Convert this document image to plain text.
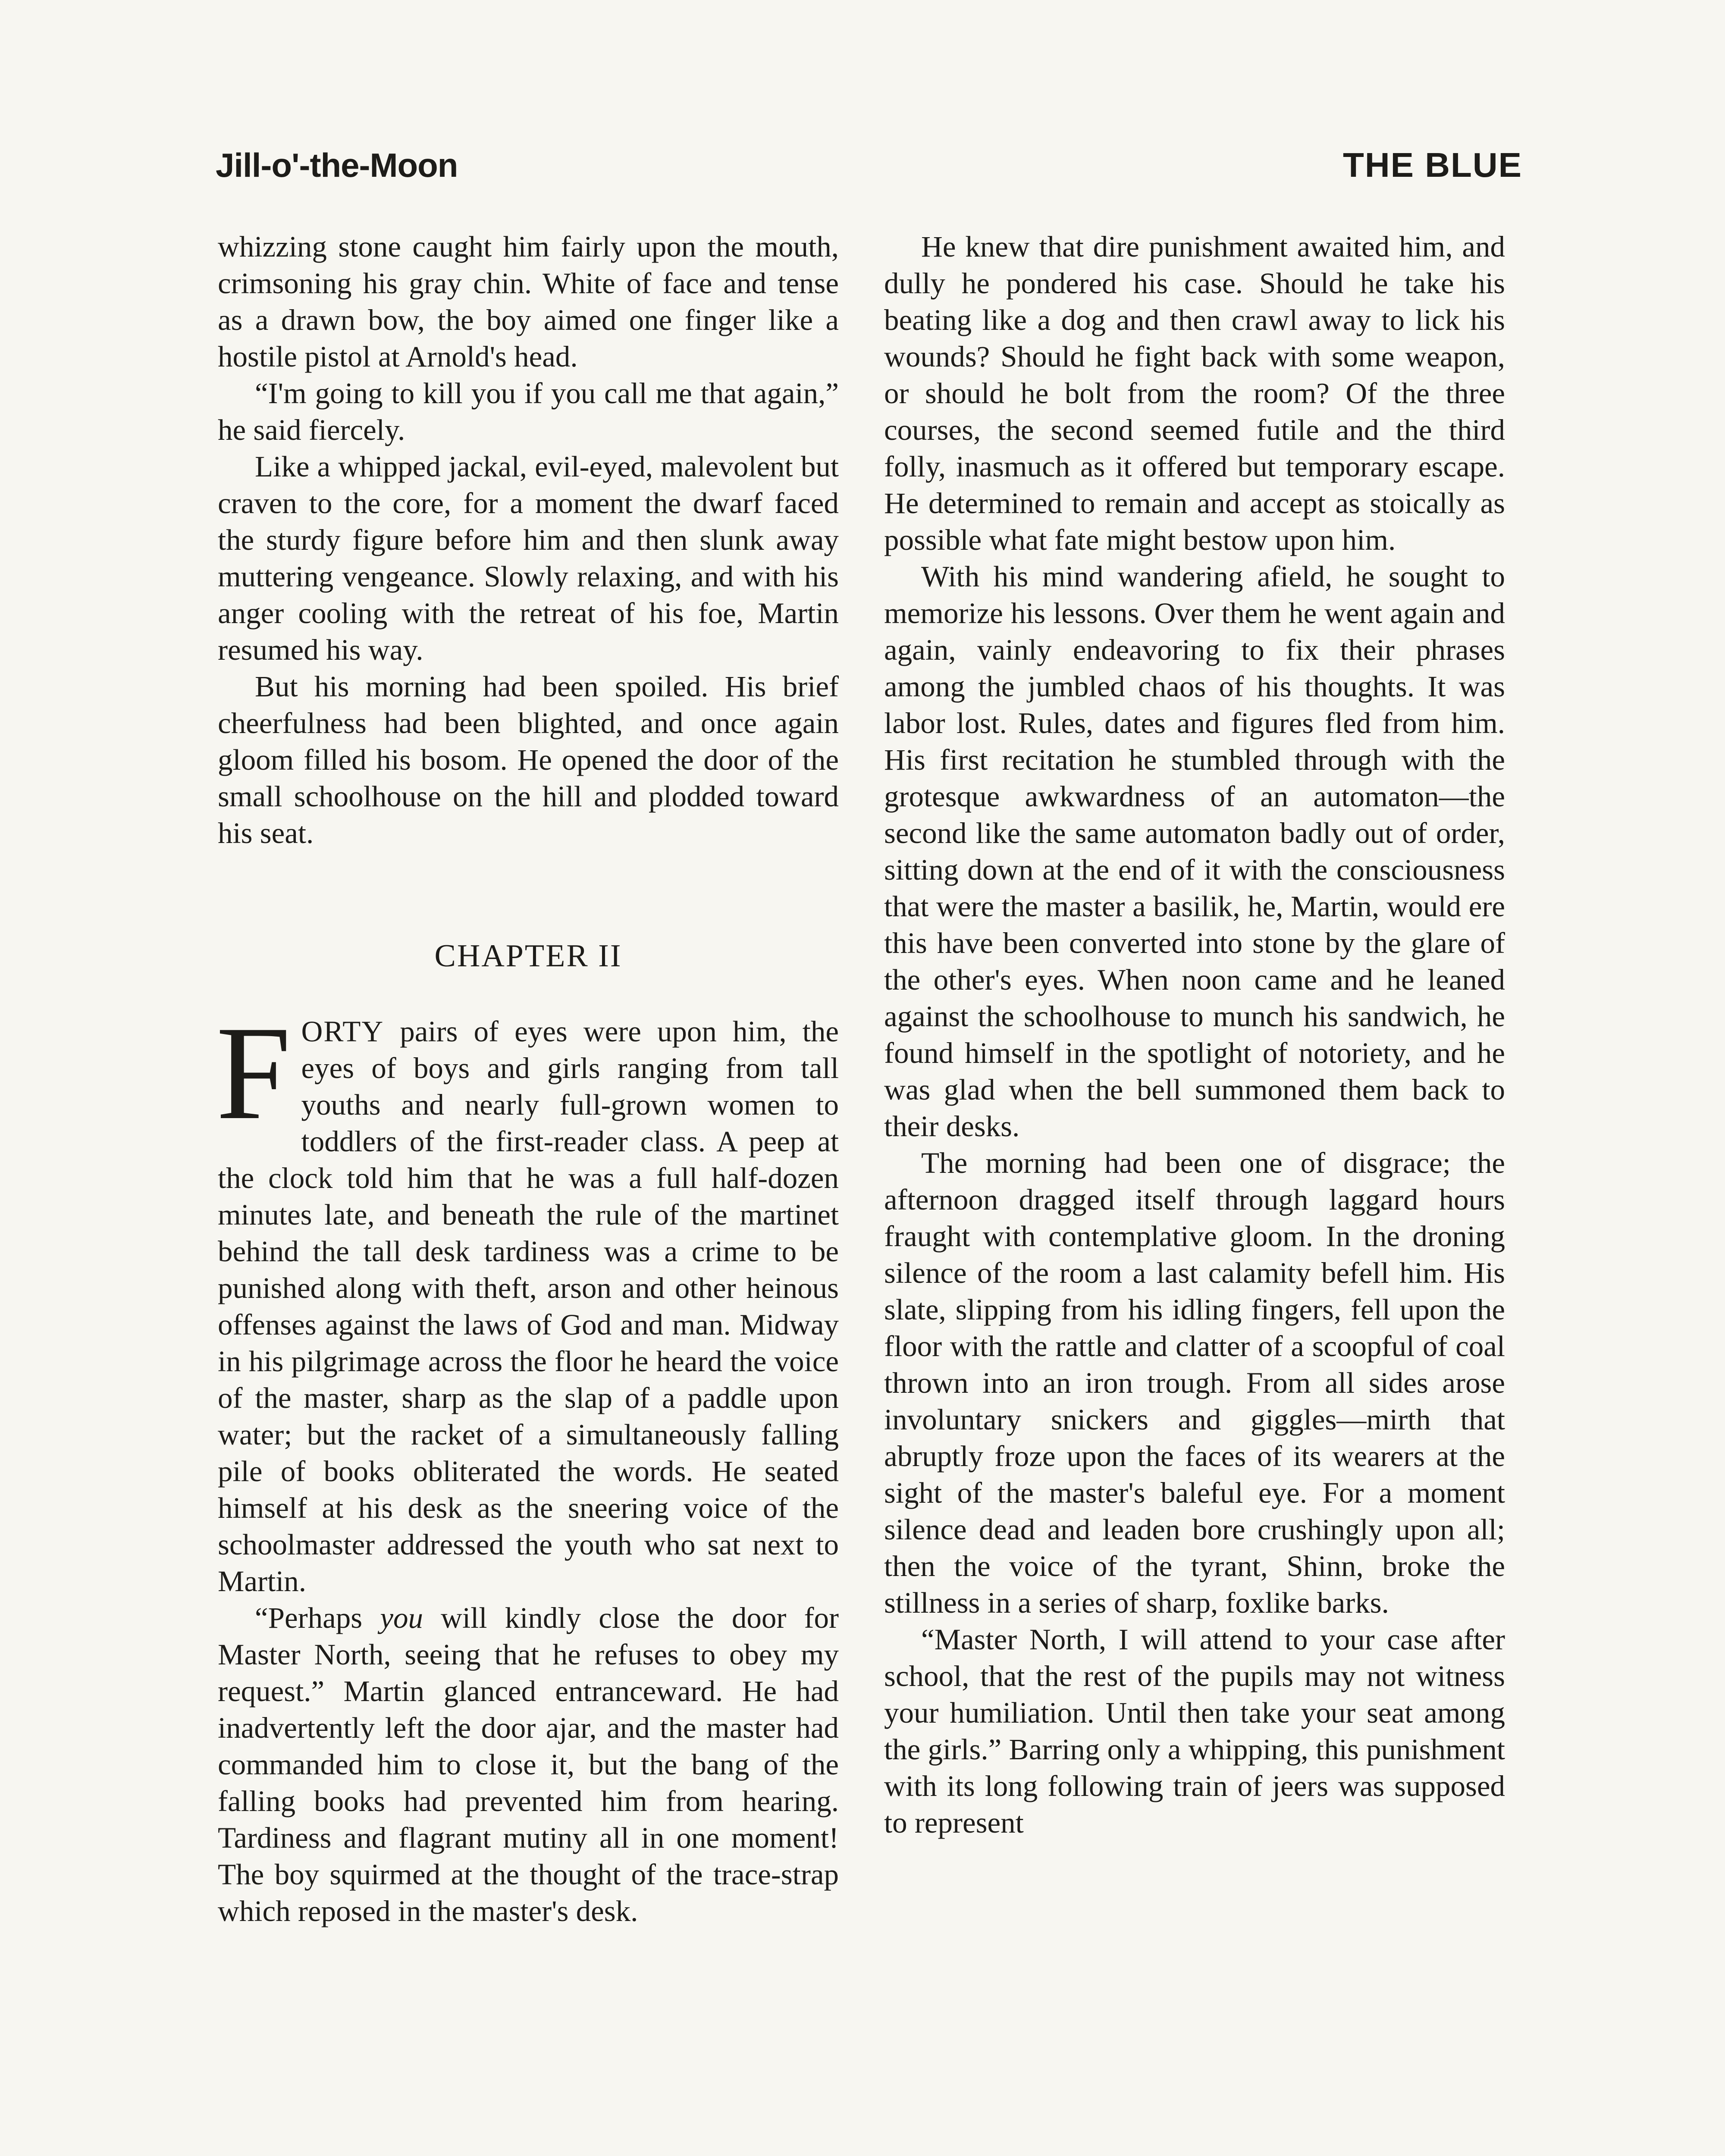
Jill-o'-the-Moon	THE BLUE

whizzing stone caught him fairly upon the mouth, crimsoning his gray chin. White of face and tense as a drawn bow, the boy aimed one finger like a hostile pistol at Arnold's head.

“I'm going to kill you if you call me that again,” he said fiercely.

Like a whipped jackal, evil-eyed, malevolent but craven to the core, for a moment the dwarf faced the sturdy figure before him and then slunk away muttering vengeance. Slowly relaxing, and with his anger cooling with the retreat of his foe, Martin resumed his way.

But his morning had been spoiled. His brief cheerfulness had been blighted, and once again gloom filled his bosom. He opened the door of the small schoolhouse on the hill and plodded toward his seat.

CHAPTER II

FORTY pairs of eyes were upon him, the eyes of boys and girls ranging from tall youths and nearly full-grown women to toddlers of the first-reader class. A peep at the clock told him that he was a full half-dozen minutes late, and beneath the rule of the martinet behind the tall desk tardiness was a crime to be punished along with theft, arson and other heinous offenses against the laws of God and man. Midway in his pilgrimage across the floor he heard the voice of the master, sharp as the slap of a paddle upon water; but the racket of a simultaneously falling pile of books obliterated the words. He seated himself at his desk as the sneering voice of the schoolmaster addressed the youth who sat next to Martin.

“Perhaps you will kindly close the door for Master North, seeing that he refuses to obey my request.” Martin glanced entranceward. He had inadvertently left the door ajar, and the master had commanded him to close it, but the bang of the falling books had prevented him from hearing. Tardiness and flagrant mutiny all in one moment! The boy squirmed at the thought of the trace-strap which reposed in the master's desk.

He knew that dire punishment awaited him, and dully he pondered his case. Should he take his beating like a dog and then crawl away to lick his wounds? Should he fight back with some weapon, or should he bolt from the room? Of the three courses, the second seemed futile and the third folly, inasmuch as it offered but temporary escape. He determined to remain and accept as stoically as possible what fate might bestow upon him.

With his mind wandering afield, he sought to memorize his lessons. Over them he went again and again, vainly endeavoring to fix their phrases among the jumbled chaos of his thoughts. It was labor lost. Rules, dates and figures fled from him. His first recitation he stumbled through with the grotesque awkwardness of an automaton—the second like the same automaton badly out of order, sitting down at the end of it with the consciousness that were the master a basilik, he, Martin, would ere this have been converted into stone by the glare of the other's eyes. When noon came and he leaned against the schoolhouse to munch his sandwich, he found himself in the spotlight of notoriety, and he was glad when the bell summoned them back to their desks.

The morning had been one of disgrace; the afternoon dragged itself through laggard hours fraught with contemplative gloom. In the droning silence of the room a last calamity befell him. His slate, slipping from his idling fingers, fell upon the floor with the rattle and clatter of a scoopful of coal thrown into an iron trough. From all sides arose involuntary snickers and giggles—mirth that abruptly froze upon the faces of its wearers at the sight of the master's baleful eye. For a moment silence dead and leaden bore crushingly upon all; then the voice of the tyrant, Shinn, broke the stillness in a series of sharp, foxlike barks.

“Master North, I will attend to your case after school, that the rest of the pupils may not witness your humiliation. Until then take your seat among the girls.” Barring only a whipping, this punishment with its long following train of jeers was supposed to represent
